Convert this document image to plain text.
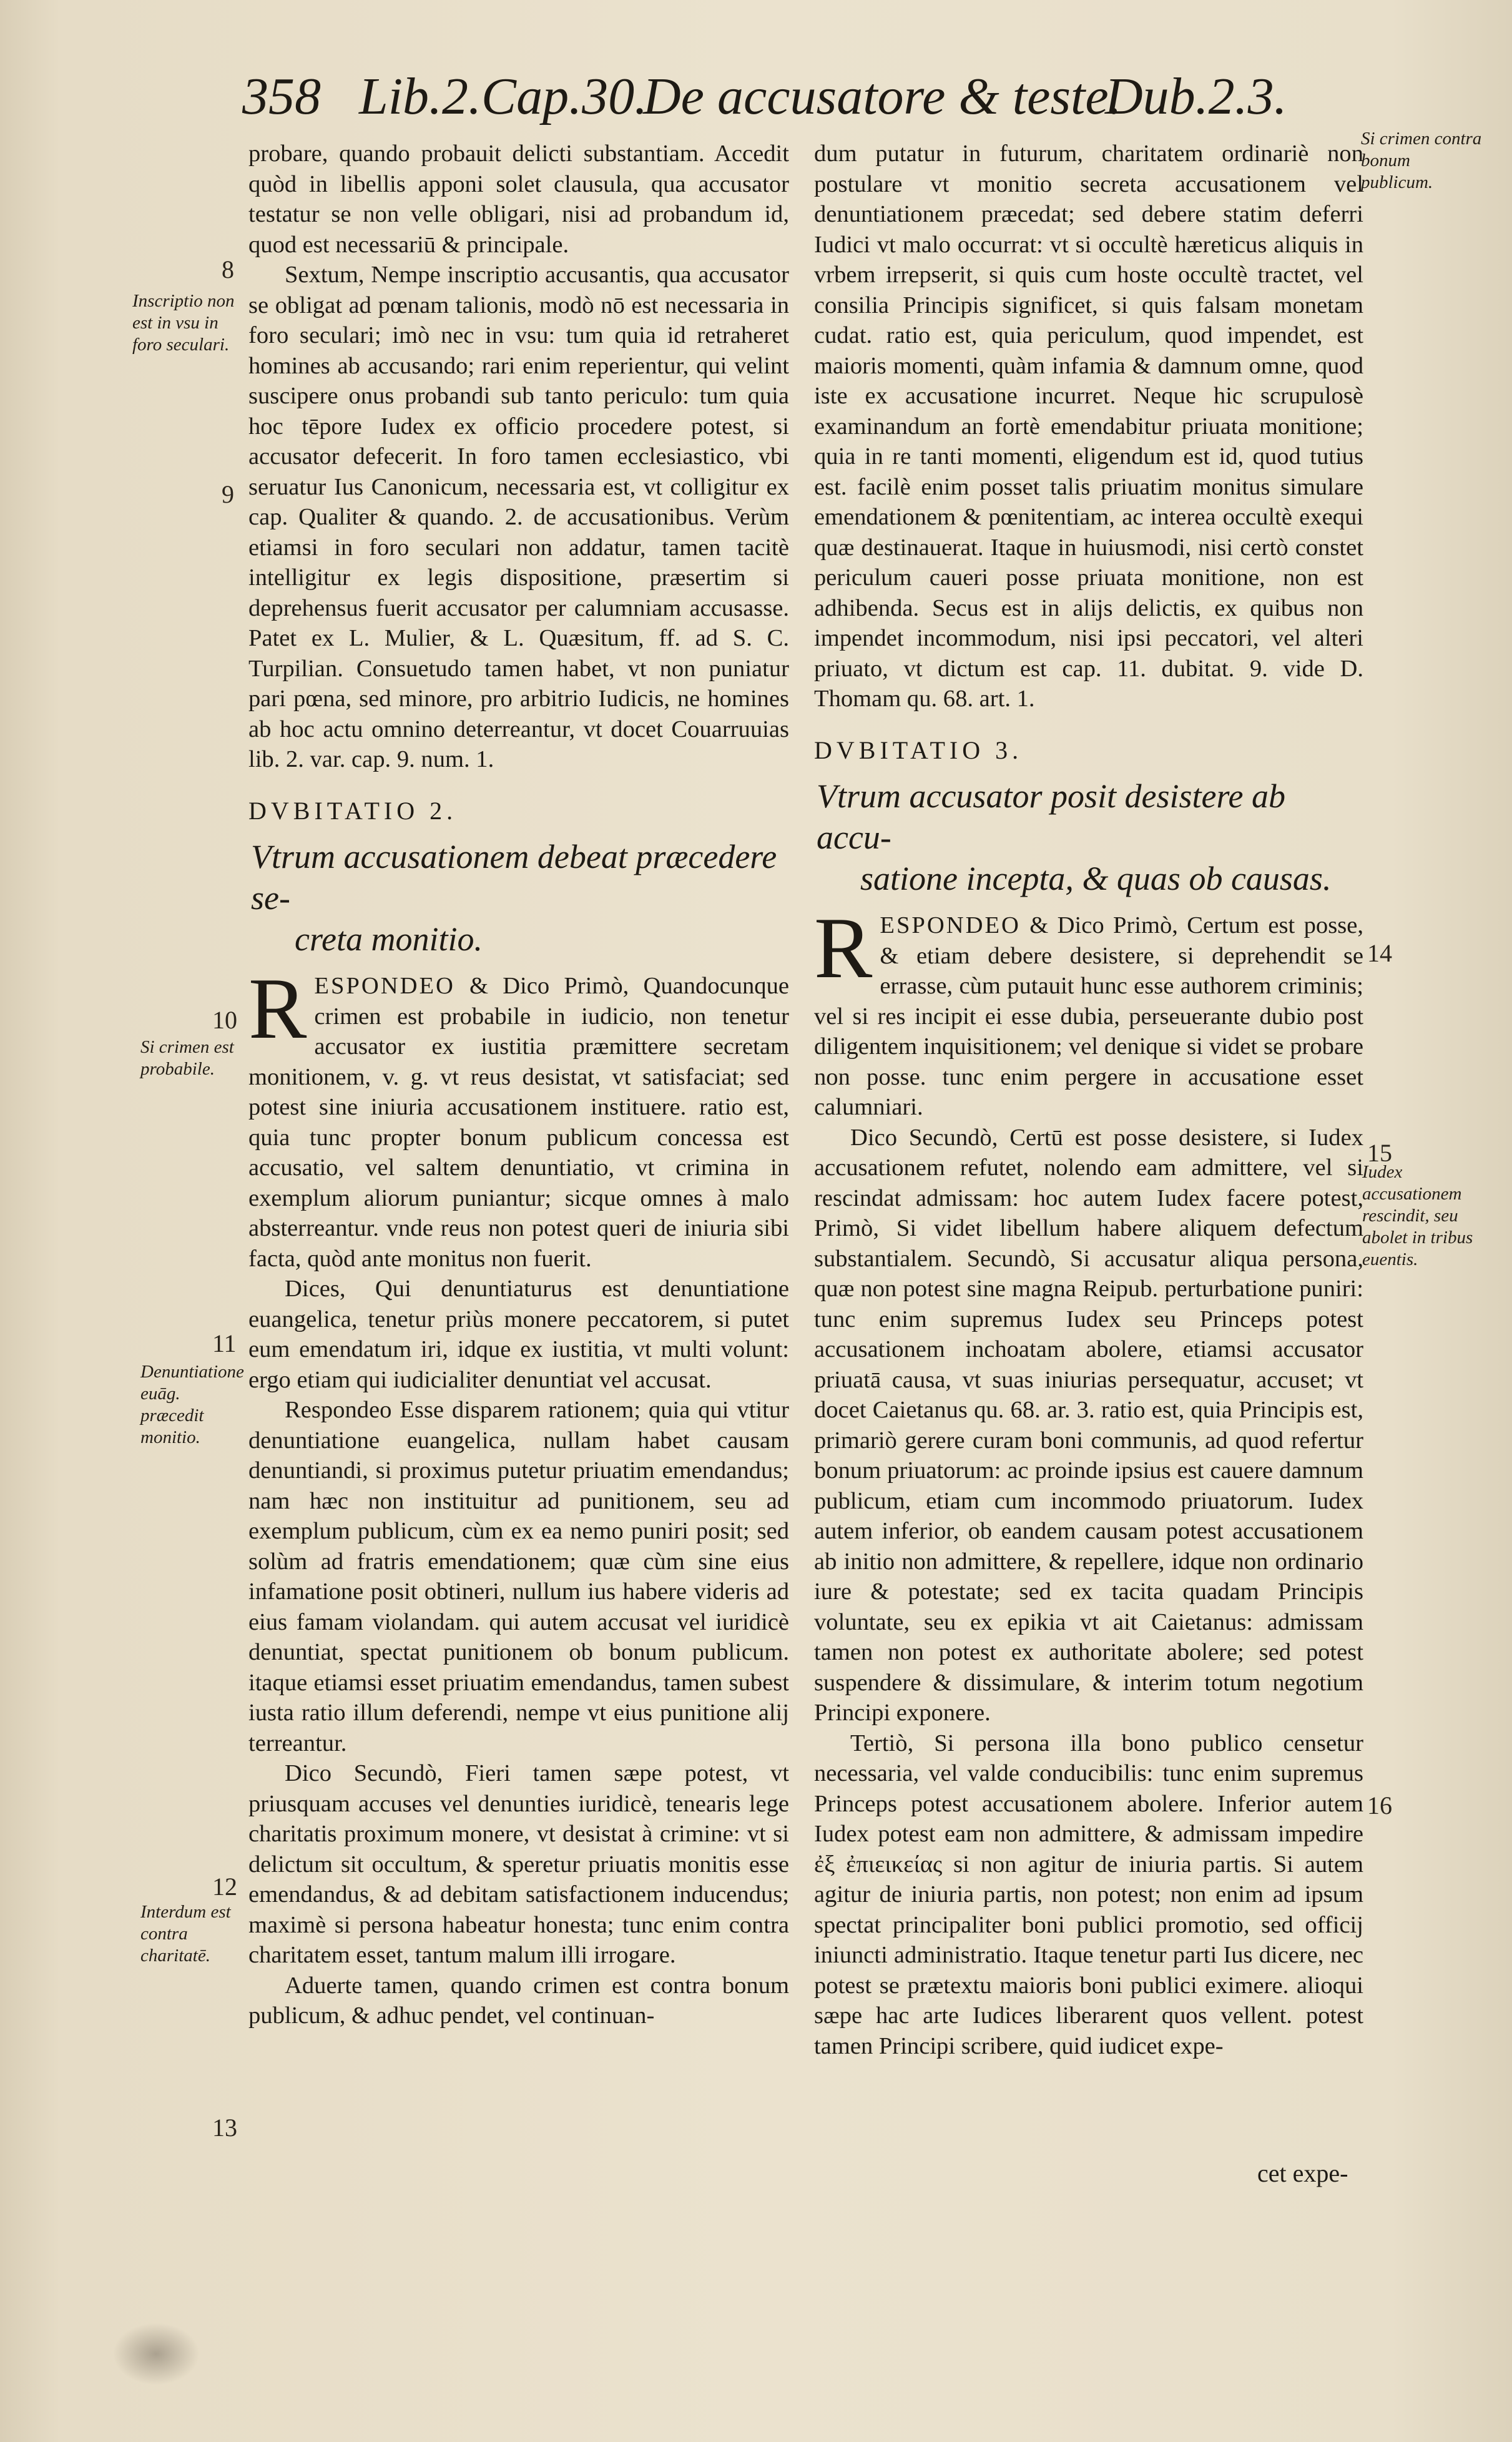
358 Lib.2.Cap.30.
De accusatore & teste.
Dub.2.3.

probare, quando probauit delicti substantiam. Accedit quòd in libellis apponi solet clausula, qua accusator testatur se non velle obligari, nisi ad probandum id, quod est necessariū & principale.

Sextum, Nempe inscriptio accusantis, qua accusator se obligat ad pœnam talionis, modò nō est necessaria in foro seculari; imò nec in vsu: tum quia id retraheret homines ab accusando; rari enim reperientur, qui velint suscipere onus probandi sub tanto periculo: tum quia hoc tēpore Iudex ex officio procedere potest, si accusator defecerit. In foro tamen ecclesiastico, vbi seruatur Ius Canonicum, necessaria est, vt colligitur ex cap. Qualiter & quando. 2. de accusationibus. Verùm etiamsi in foro seculari non addatur, tamen tacitè intelligitur ex legis dispositione, præsertim si deprehensus fuerit accusator per calumniam accusasse. Patet ex L. Mulier, & L. Quæsitum, ff. ad S. C. Turpilian. Consuetudo tamen habet, vt non puniatur pari pœna, sed minore, pro arbitrio Iudicis, ne homines ab hoc actu omnino deterreantur, vt docet Couarruuias lib. 2. var. cap. 9. num. 1.

DVBITATIO 2.

Vtrum accusationem debeat præcedere se-
creta monitio.

RESPONDEO & Dico Primò, Quandocunque crimen est probabile in iudicio, non tenetur accusator ex iustitia præmittere secretam monitionem, v. g. vt reus desistat, vt satisfaciat; sed potest sine iniuria accusationem instituere. ratio est, quia tunc propter bonum publicum concessa est accusatio, vel saltem denuntiatio, vt crimina in exemplum aliorum puniantur; sicque omnes à malo absterreantur. vnde reus non potest queri de iniuria sibi facta, quòd ante monitus non fuerit.

Dices, Qui denuntiaturus est denuntiatione euangelica, tenetur priùs monere peccatorem, si putet eum emendatum iri, idque ex iustitia, vt multi volunt: ergo etiam qui iudicialiter denuntiat vel accusat.

Respondeo Esse disparem rationem; quia qui vtitur denuntiatione euangelica, nullam habet causam denuntiandi, si proximus putetur priuatim emendandus; nam hæc non instituitur ad punitionem, seu ad exemplum publicum, cùm ex ea nemo puniri posit; sed solùm ad fratris emendationem; quæ cùm sine eius infamatione posit obtineri, nullum ius habere videris ad eius famam violandam. qui autem accusat vel iuridicè denuntiat, spectat punitionem ob bonum publicum. itaque etiamsi esset priuatim emendandus, tamen subest iusta ratio illum deferendi, nempe vt eius punitione alij terreantur.

Dico Secundò, Fieri tamen sæpe potest, vt priusquam accuses vel denunties iuridicè, tenearis lege charitatis proximum monere, vt desistat à crimine: vt si delictum sit occultum, & speretur priuatis monitis esse emendandus, & ad debitam satisfactionem inducendus; maximè si persona habeatur honesta; tunc enim contra charitatem esset, tantum malum illi irrogare.

Aduerte tamen, quando crimen est contra bonum publicum, & adhuc pendet, vel continuan-

dum putatur in futurum, charitatem ordinariè non postulare vt monitio secreta accusationem vel denuntiationem præcedat; sed debere statim deferri Iudici vt malo occurrat: vt si occultè hæreticus aliquis in vrbem irrepserit, si quis cum hoste occultè tractet, vel consilia Principis significet, si quis falsam monetam cudat. ratio est, quia periculum, quod impendet, est maioris momenti, quàm infamia & damnum omne, quod iste ex accusatione incurret. Neque hic scrupulosè examinandum an fortè emendabitur priuata monitione; quia in re tanti momenti, eligendum est id, quod tutius est. facilè enim posset talis priuatim monitus simulare emendationem & pœnitentiam, ac interea occultè exequi quæ destinauerat. Itaque in huiusmodi, nisi certò constet periculum caueri posse priuata monitione, non est adhibenda. Secus est in alijs delictis, ex quibus non impendet incommodum, nisi ipsi peccatori, vel alteri priuato, vt dictum est cap. 11. dubitat. 9. vide D. Thomam qu. 68. art. 1.

DVBITATIO 3.

Vtrum accusator posit desistere ab accu-
satione incepta, & quas ob causas.

RESPONDEO & Dico Primò, Certum est posse, & etiam debere desistere, si deprehendit se errasse, cùm putauit hunc esse authorem criminis; vel si res incipit ei esse dubia, perseuerante dubio post diligentem inquisitionem; vel denique si videt se probare non posse. tunc enim pergere in accusatione esset calumniari.

Dico Secundò, Certū est posse desistere, si Iudex accusationem refutet, nolendo eam admittere, vel si rescindat admissam: hoc autem Iudex facere potest, Primò, Si videt libellum habere aliquem defectum substantialem. Secundò, Si accusatur aliqua persona, quæ non potest sine magna Reipub. perturbatione puniri: tunc enim supremus Iudex seu Princeps potest accusationem inchoatam abolere, etiamsi accusator priuatā causa, vt suas iniurias persequatur, accuset; vt docet Caietanus qu. 68. ar. 3. ratio est, quia Principis est, primariò gerere curam boni communis, ad quod refertur bonum priuatorum: ac proinde ipsius est cauere damnum publicum, etiam cum incommodo priuatorum. Iudex autem inferior, ob eandem causam potest accusationem ab initio non admittere, & repellere, idque non ordinario iure & potestate; sed ex tacita quadam Principis voluntate, seu ex epikia vt ait Caietanus: admissam tamen non potest ex authoritate abolere; sed potest suspendere & dissimulare, & interim totum negotium Principi exponere.

Tertiò, Si persona illa bono publico censetur necessaria, vel valde conducibilis: tunc enim supremus Princeps potest accusationem abolere. Inferior autem Iudex potest eam non admittere, & admissam impedire ἐξ ἐπιεικείας si non agitur de iniuria partis. Si autem agitur de iniuria partis, non potest; non enim ad ipsum spectat principaliter boni publici promotio, sed officij iniuncti administratio. Itaque tenetur parti Ius dicere, nec potest se prætextu maioris boni publici eximere. alioqui sæpe hac arte Iudices liberarent quos vellent. potest tamen Principi scribere, quid iudicet expe-

Inscriptio non est in vsu in foro seculari.
Si crimen est probabile.
Denuntiatione euāg. præcedit monitio.
Interdum est contra charitatē.
Si crimen contra bonum publicum.
Iudex accusationem rescindit, seu abolet in tribus euentis.
8
9
10
11
12
13
14
15
16
cet expe-
